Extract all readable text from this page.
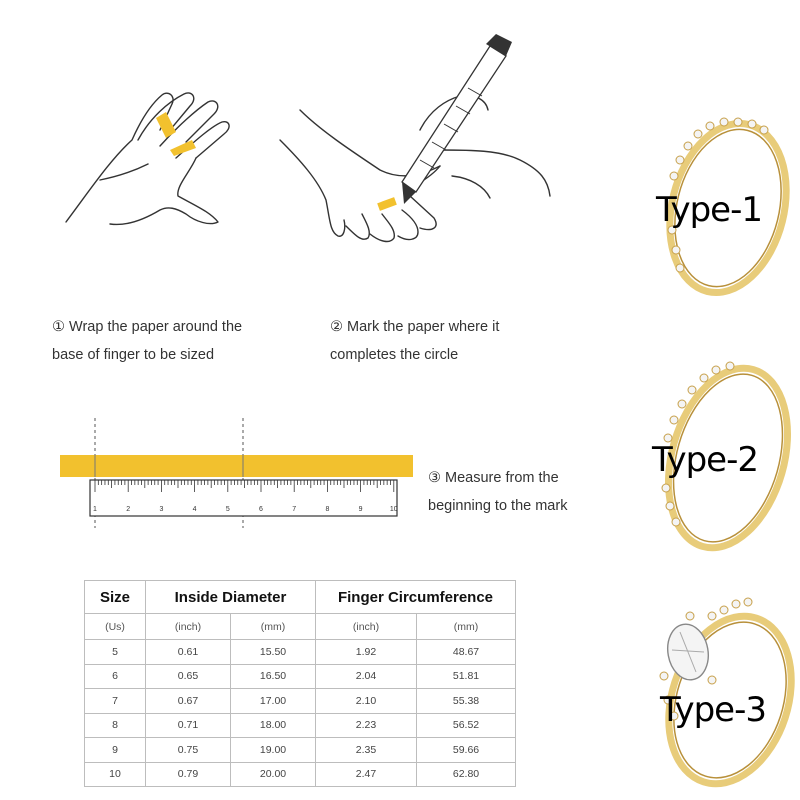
1	2	3	4	5	6	7	8	9	10
① Wrap the paper around the
base of finger to be sized
② Mark the paper where it
completes the circle
③ Measure from the
beginning to the mark
Size	Inside Diameter		Finger Circumference	
(Us)	(inch)	(mm)	(inch)	(mm)
5	0.61	15.50	1.92	48.67
6	0.65	16.50	2.04	51.81
7	0.67	17.00	2.10	55.38
8	0.71	18.00	2.23	56.52
9	0.75	19.00	2.35	59.66
10	0.79	20.00	2.47	62.80
Type-1
Type-2
Type-3
